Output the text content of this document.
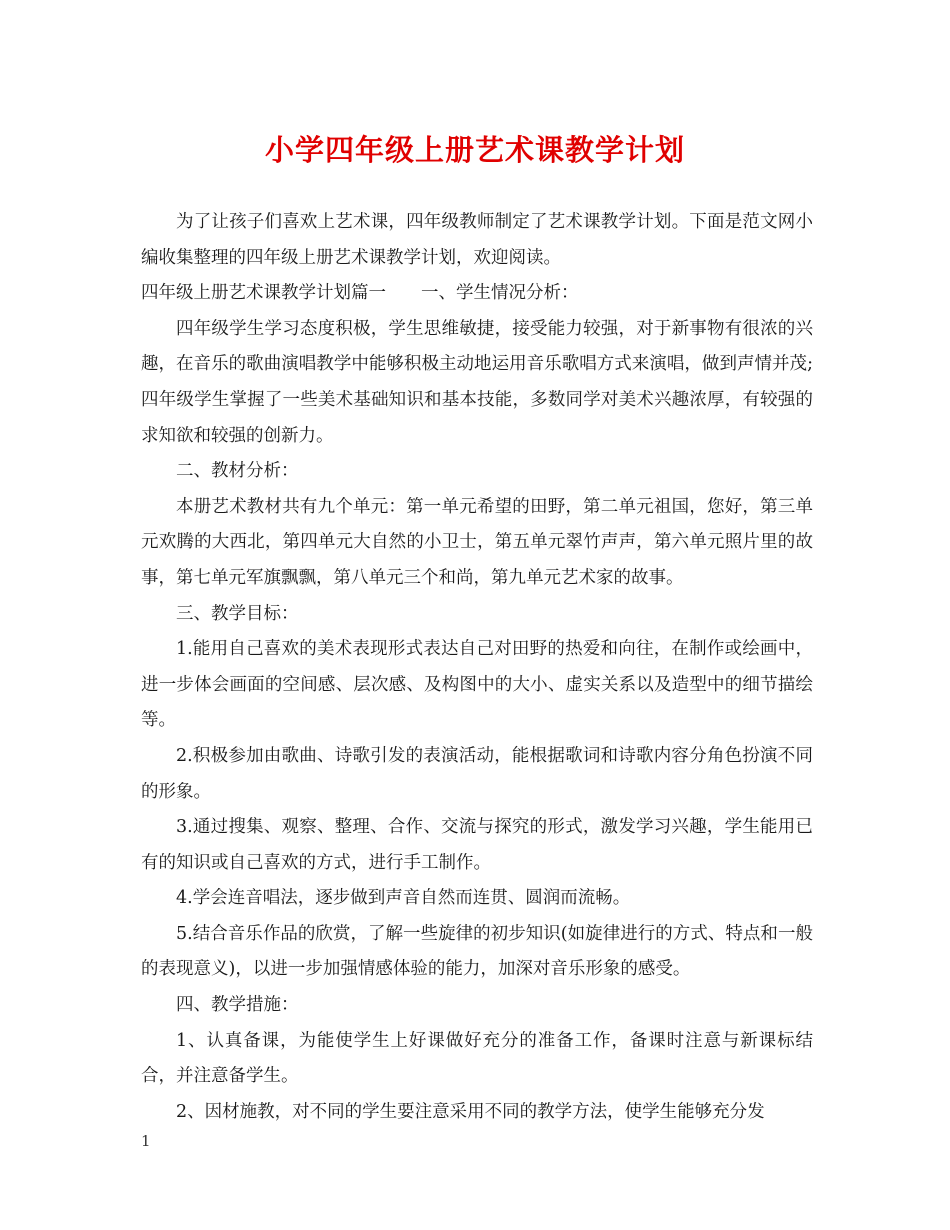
小学四年级上册艺术课教学计划

为了让孩子们喜欢上艺术课，四年级教师制定了艺术课教学计划。下面是范文网小编收集整理的四年级上册艺术课教学计划，欢迎阅读。

四年级上册艺术课教学计划篇一　　一、学生情况分析：

四年级学生学习态度积极，学生思维敏捷，接受能力较强，对于新事物有很浓的兴趣，在音乐的歌曲演唱教学中能够积极主动地运用音乐歌唱方式来演唱，做到声情并茂;四年级学生掌握了一些美术基础知识和基本技能，多数同学对美术兴趣浓厚，有较强的求知欲和较强的创新力。

二、教材分析：

本册艺术教材共有九个单元：第一单元希望的田野，第二单元祖国，您好，第三单元欢腾的大西北，第四单元大自然的小卫士，第五单元翠竹声声，第六单元照片里的故事，第七单元军旗飘飘，第八单元三个和尚，第九单元艺术家的故事。

三、教学目标：

1.能用自己喜欢的美术表现形式表达自己对田野的热爱和向往，在制作或绘画中，进一步体会画面的空间感、层次感、及构图中的大小、虚实关系以及造型中的细节描绘等。

2.积极参加由歌曲、诗歌引发的表演活动，能根据歌词和诗歌内容分角色扮演不同的形象。

3.通过搜集、观察、整理、合作、交流与探究的形式，激发学习兴趣，学生能用已有的知识或自己喜欢的方式，进行手工制作。

4.学会连音唱法，逐步做到声音自然而连贯、圆润而流畅。

5.结合音乐作品的欣赏，了解一些旋律的初步知识(如旋律进行的方式、特点和一般的表现意义)，以进一步加强情感体验的能力，加深对音乐形象的感受。

四、教学措施：

1、认真备课，为能使学生上好课做好充分的准备工作，备课时注意与新课标结合，并注意备学生。

2、因材施教，对不同的学生要注意采用不同的教学方法，使学生能够充分发

1
